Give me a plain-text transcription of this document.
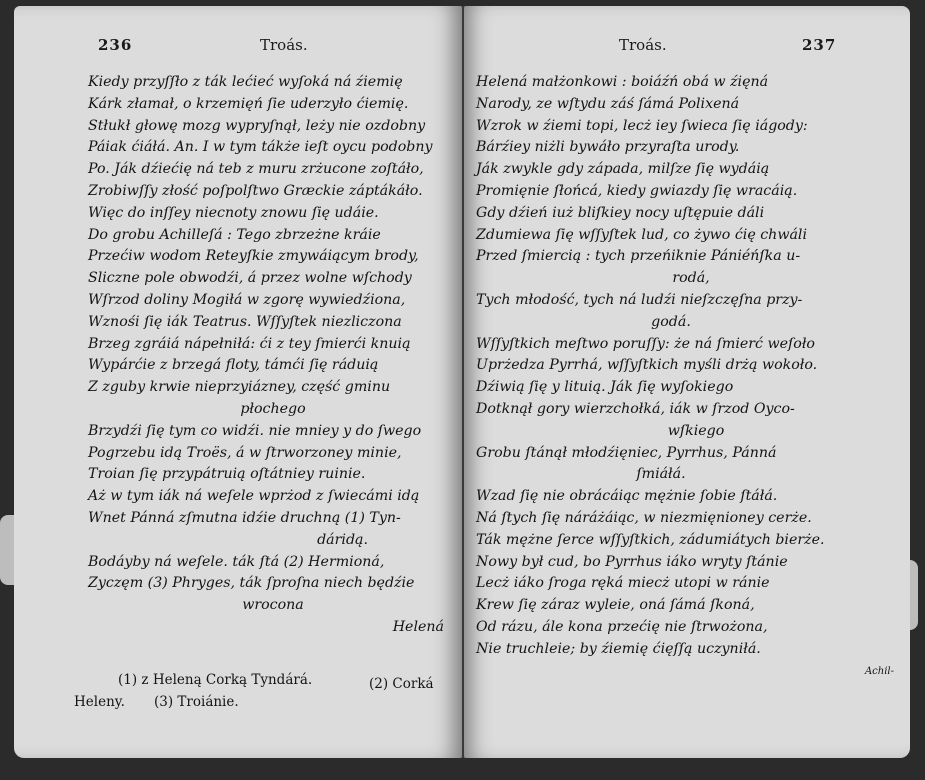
236	Troás.
Kiedy przyſſło z ták lećieć wyſoká ná źiemię
Kárk złamał, o krzemięń ſie uderzyło ćiemię.
Stłukł głowę mozg wypryſnął, leży nie ozdobny
Páiak ćiáłá. An. I w tym tákże ieſt oycu podobny
Po. Ják dźiećię ná teb z muru zrżucone zoſtáło,
Zrobiwſſy złość poſpolſtwo Græckie záptákáło.
Więc do inſſey niecnoty znowu ſię udáie.
Do grobu Achilleſá : Tego zbrzeżne kráie
Przećiw wodom Reteyſkie zmywáiącym brody,
Sliczne pole obwodźi, á przez wolne wſchody
Wſrzod doliny Mogiłá w zgorę wywiedźiona,
Wznośi ſię iák Teatrus. Wſſyſtek niezliczona
Brzeg zgráiá nápełniłá: ći z tey ſmierći knuią
Wypárćie z brzegá floty, támći ſię ráduią
Z zguby krwie nieprzyiázney, część gminu
płochego
Brzydźi ſię tym co widźi. nie mniey y do ſwego
Pogrzebu idą Troës, á w ſtrworzoney minie,
Troian ſię przypátruią oſtátniey ruinie.
Aż w tym iák ná weſele wprżod z ſwiecámi idą
Wnet Pánná zſmutna idźie druchną (1) Tyn-
dáridą.
Bodáyby ná weſele. ták ſtá (2) Hermioná,
Zyczęm (3) Phryges, ták ſproſna niech będźie
wrocona
Helená
(1) z Heleną Corką Tyndárá.	(2) Corká
Heleny. (3) Troiánie.
Troás.	237
Helená małżonkowi : boiáźń obá w źięná
Narody, ze wſtydu záś ſámá Polixená
Wzrok w źiemi topi, lecż iey ſwieca ſię iágody:
Bárźiey niżli bywáło przyraſta urody.
Ják zwykle gdy západa, milſze ſię wydáią
Promięnie ſłońcá, kiedy gwiazdy ſię wracáią.
Gdy dźień iuż bliſkiey nocy uſtępuie dáli
Zdumiewa ſię wſſyſtek lud, co żywo ćię chwáli
Przed ſmiercią : tych przeńiknie Pániéńſka u-
rodá,
Tych młodość, tych ná ludźi nieſzczęſna przy-
godá.
Wſſyſtkich meſtwo poruſſy: że ná ſmierć weſoło
Uprżedza Pyrrhá, wſſyſtkich myśli drżą wokoło.
Dźiwią ſię y lituią. Ják ſię wyſokiego
Dotknął gory wierzchołká, iák w ſrzod Oyco-
wſkiego
Grobu ſtánął młodźięniec, Pyrrhus, Pánná
ſmiáłá.
Wzad ſię nie obrácáiąc mężnie ſobie ſtáłá.
Ná ſtych ſię náráżáiąc, w niezmięnioney cerże.
Ták mężne ſerce wſſyſtkich, zádumiátych bierże.
Nowy był cud, bo Pyrrhus iáko wryty ſtánie
Lecż iáko ſroga ręká miecż utopi w ránie
Krew ſię záraz wyleie, oná ſámá ſkoná,
Od rázu, ále kona przećię nie ſtrwożona,
Nie truchleie; by źiemię ćięſſą uczyniłá.
Achil-
